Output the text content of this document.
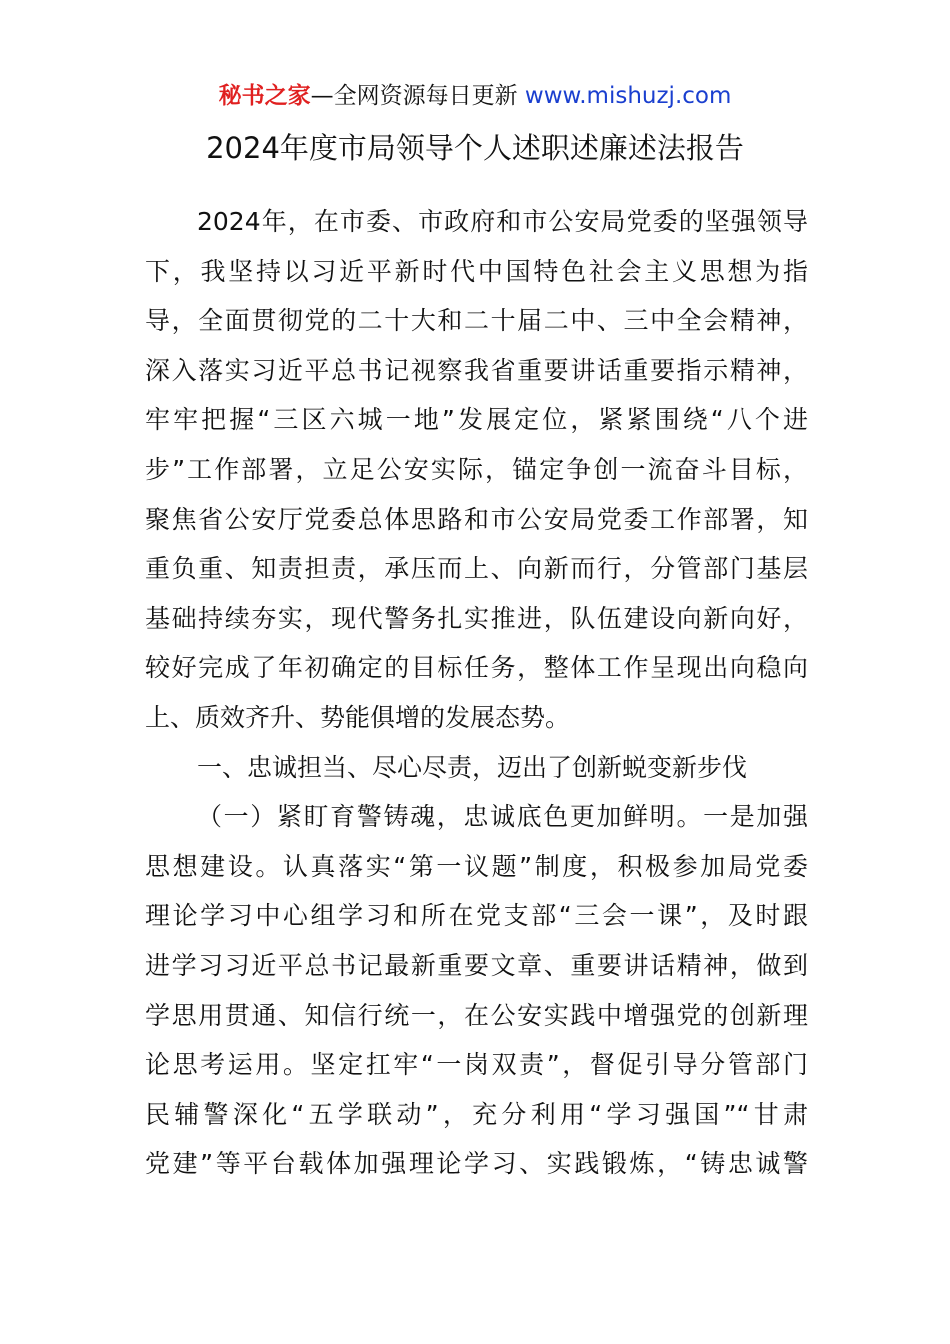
秘书之家—全网资源每日更新 www.mishuzj.com
2024年度市局领导个人述职述廉述法报告
2024年，在市委、市政府和市公安局党委的坚强领导
下，我坚持以习近平新时代中国特色社会主义思想为指
导，全面贯彻党的二十大和二十届二中、三中全会精神，
深入落实习近平总书记视察我省重要讲话重要指示精神，
牢牢把握“三区六城一地”发展定位，紧紧围绕“八个进
步”工作部署，立足公安实际，锚定争创一流奋斗目标，
聚焦省公安厅党委总体思路和市公安局党委工作部署，知
重负重、知责担责，承压而上、向新而行，分管部门基层
基础持续夯实，现代警务扎实推进，队伍建设向新向好，
较好完成了年初确定的目标任务，整体工作呈现出向稳向
上、质效齐升、势能俱增的发展态势。
一、忠诚担当、尽心尽责，迈出了创新蜕变新步伐
（一）紧盯育警铸魂，忠诚底色更加鲜明。一是加强
思想建设。认真落实“第一议题”制度，积极参加局党委
理论学习中心组学习和所在党支部“三会一课”，及时跟
进学习习近平总书记最新重要文章、重要讲话精神，做到
学思用贯通、知信行统一，在公安实践中增强党的创新理
论思考运用。坚定扛牢“一岗双责”，督促引导分管部门
民辅警深化“五学联动”，充分利用“学习强国”“甘肃
党建”等平台载体加强理论学习、实践锻炼，“铸忠诚警
